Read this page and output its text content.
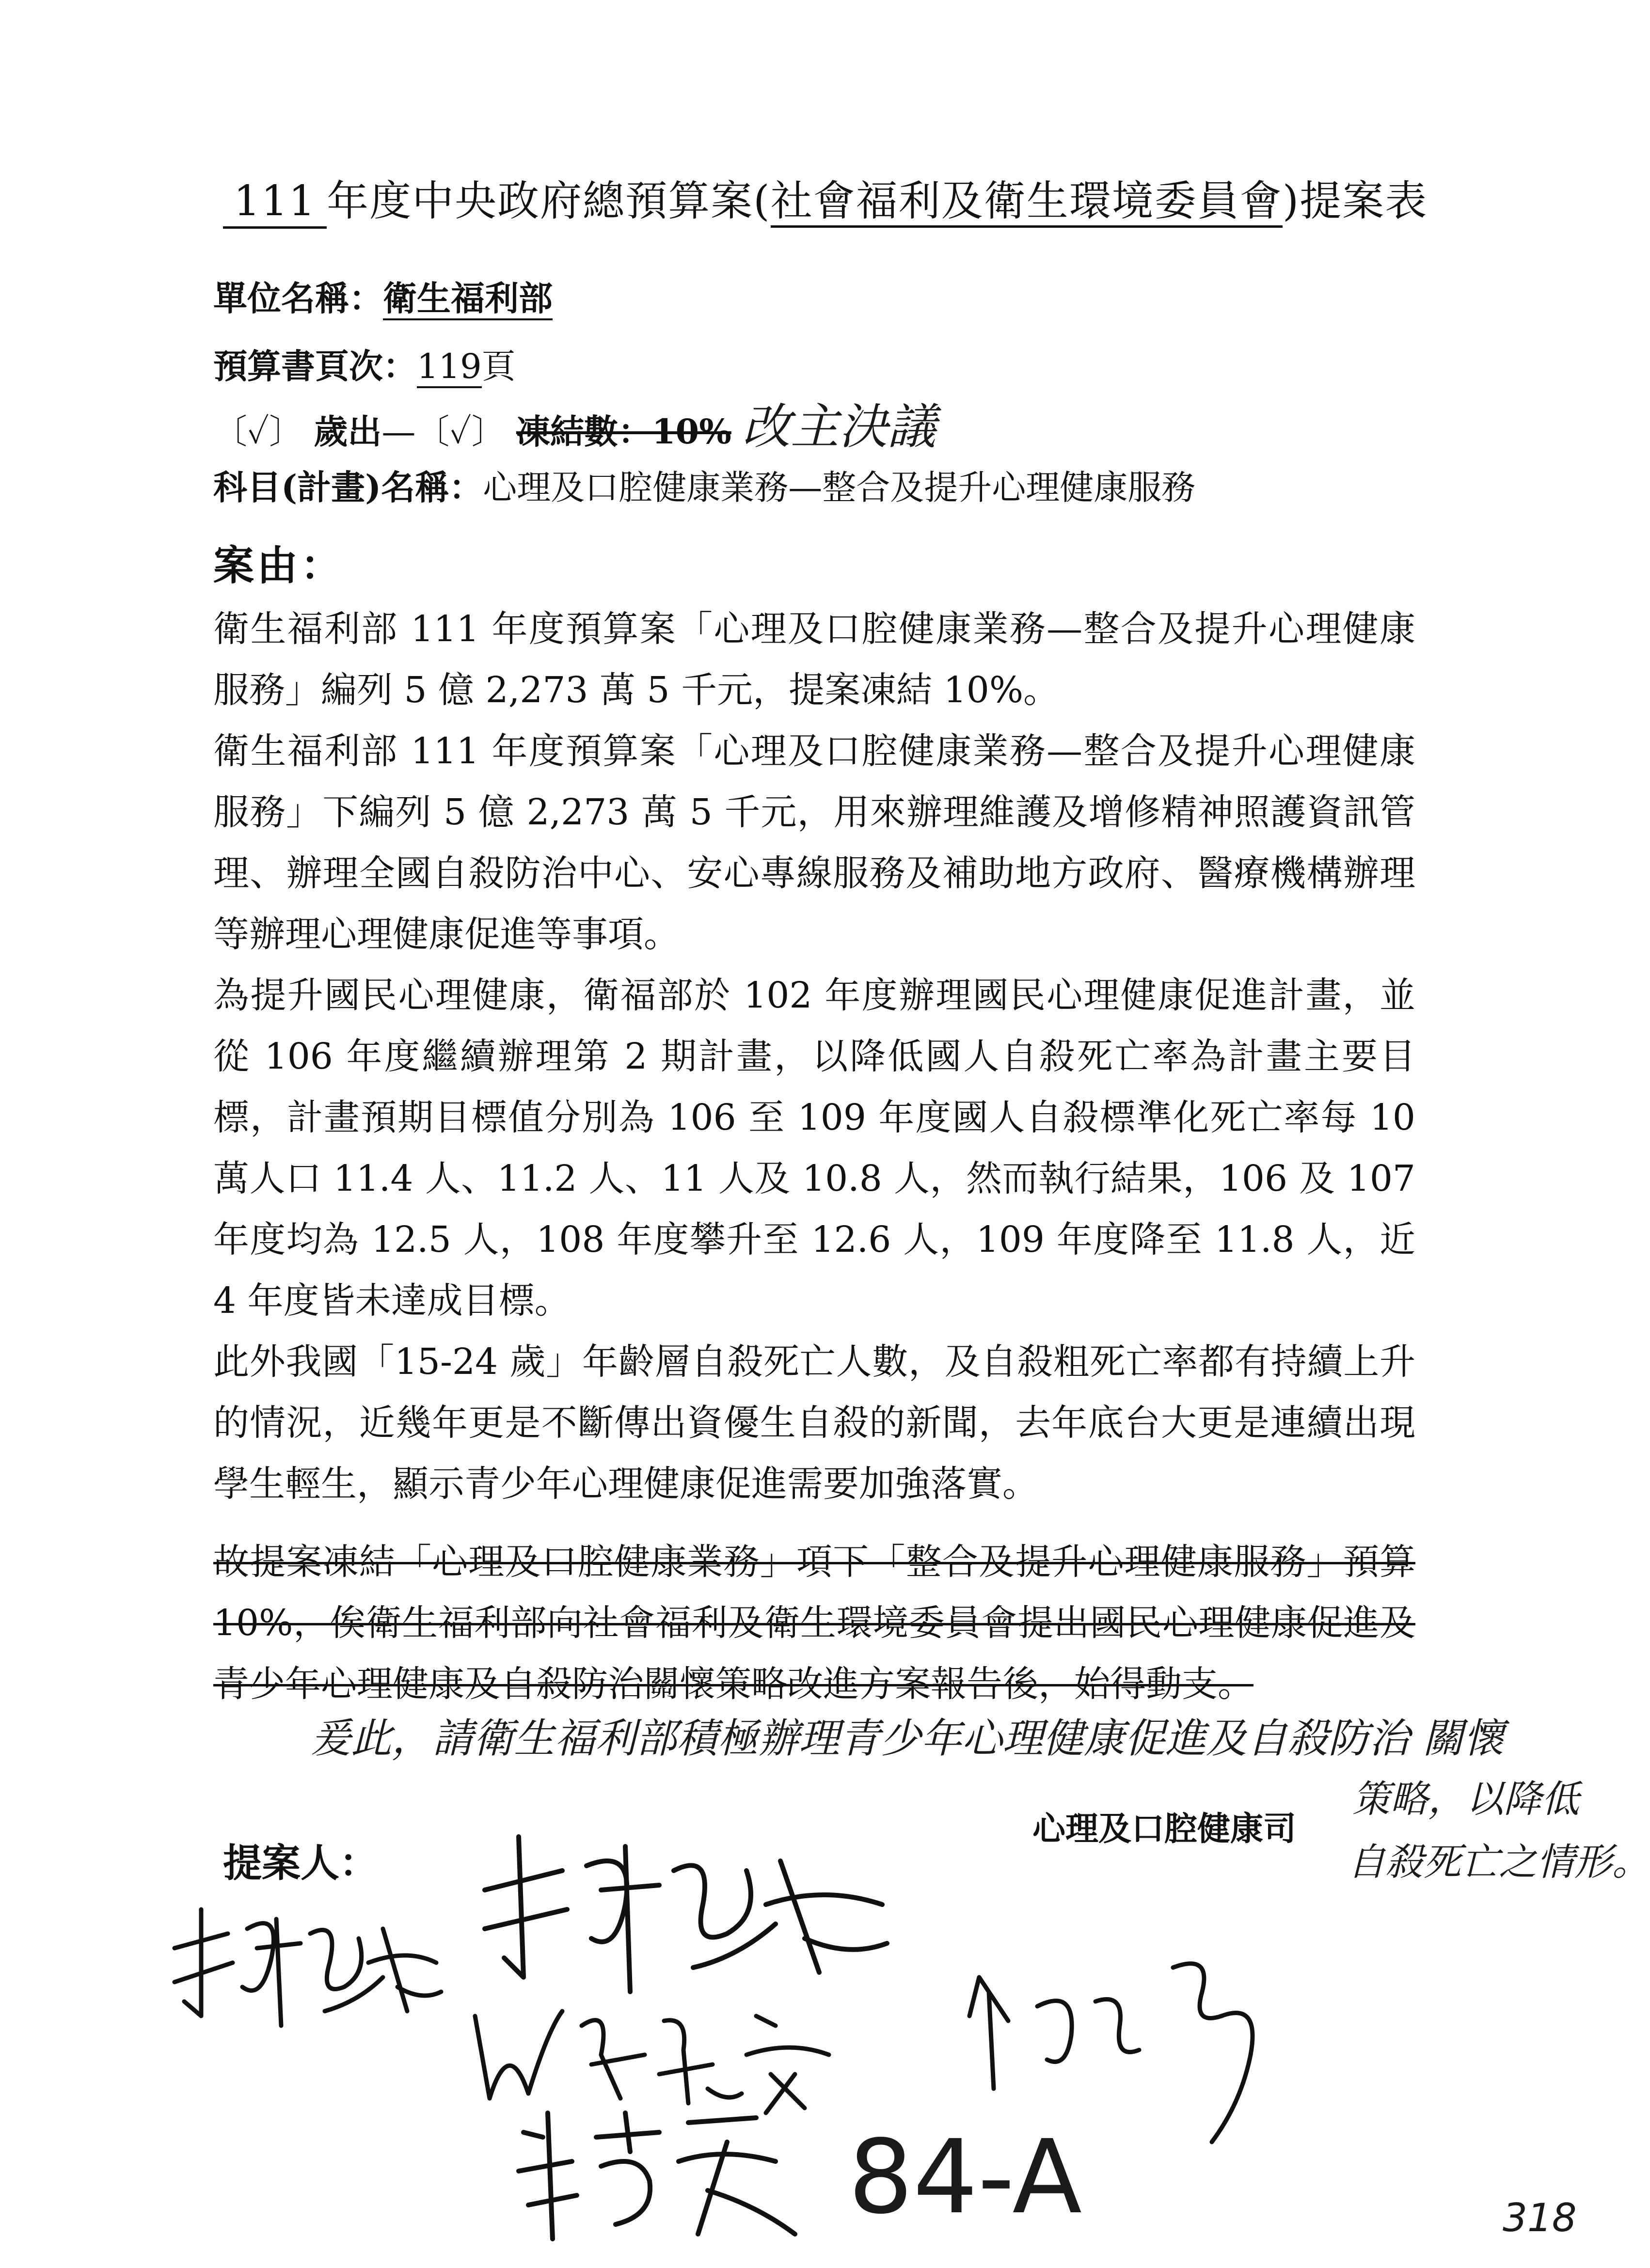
111 年度中央政府總預算案(社會福利及衛生環境委員會)提案表
單位名稱：衛生福利部
預算書頁次：119頁
〔✓〕 歲出—〔✓〕 凍結數：10% 改主決議
科目(計畫)名稱：心理及口腔健康業務—整合及提升心理健康服務
案由：

衛生福利部 111 年度預算案「心理及口腔健康業務—整合及提升心理健康服務」編列 5 億 2,273 萬 5 千元，提案凍結 10%。

衛生福利部 111 年度預算案「心理及口腔健康業務—整合及提升心理健康服務」下編列 5 億 2,273 萬 5 千元，用來辦理維護及增修精神照護資訊管理、辦理全國自殺防治中心、安心專線服務及補助地方政府、醫療機構辦理等辦理心理健康促進等事項。

為提升國民心理健康，衛福部於 102 年度辦理國民心理健康促進計畫，並從 106 年度繼續辦理第 2 期計畫，以降低國人自殺死亡率為計畫主要目標，計畫預期目標值分別為 106 至 109 年度國人自殺標準化死亡率每 10 萬人口 11.4 人、11.2 人、11 人及 10.8 人，然而執行結果，106 及 107 年度均為 12.5 人，108 年度攀升至 12.6 人，109 年度降至 11.8 人，近 4 年度皆未達成目標。

此外我國「15-24 歲」年齡層自殺死亡人數，及自殺粗死亡率都有持續上升的情況，近幾年更是不斷傳出資優生自殺的新聞，去年底台大更是連續出現學生輕生，顯示青少年心理健康促進需要加強落實。

故提案凍結「心理及口腔健康業務」項下「整合及提升心理健康服務」預算 10%，俟衛生福利部向社會福利及衛生環境委員會提出國民心理健康促進及青少年心理健康及自殺防治關懷策略改進方案報告後，始得動支。

爰此，請衛生福利部積極辦理青少年心理健康促進及自殺防治 關懷
策略，以降低
自殺死亡之情形。
心理及口腔健康司
提案人：
84-A	318
